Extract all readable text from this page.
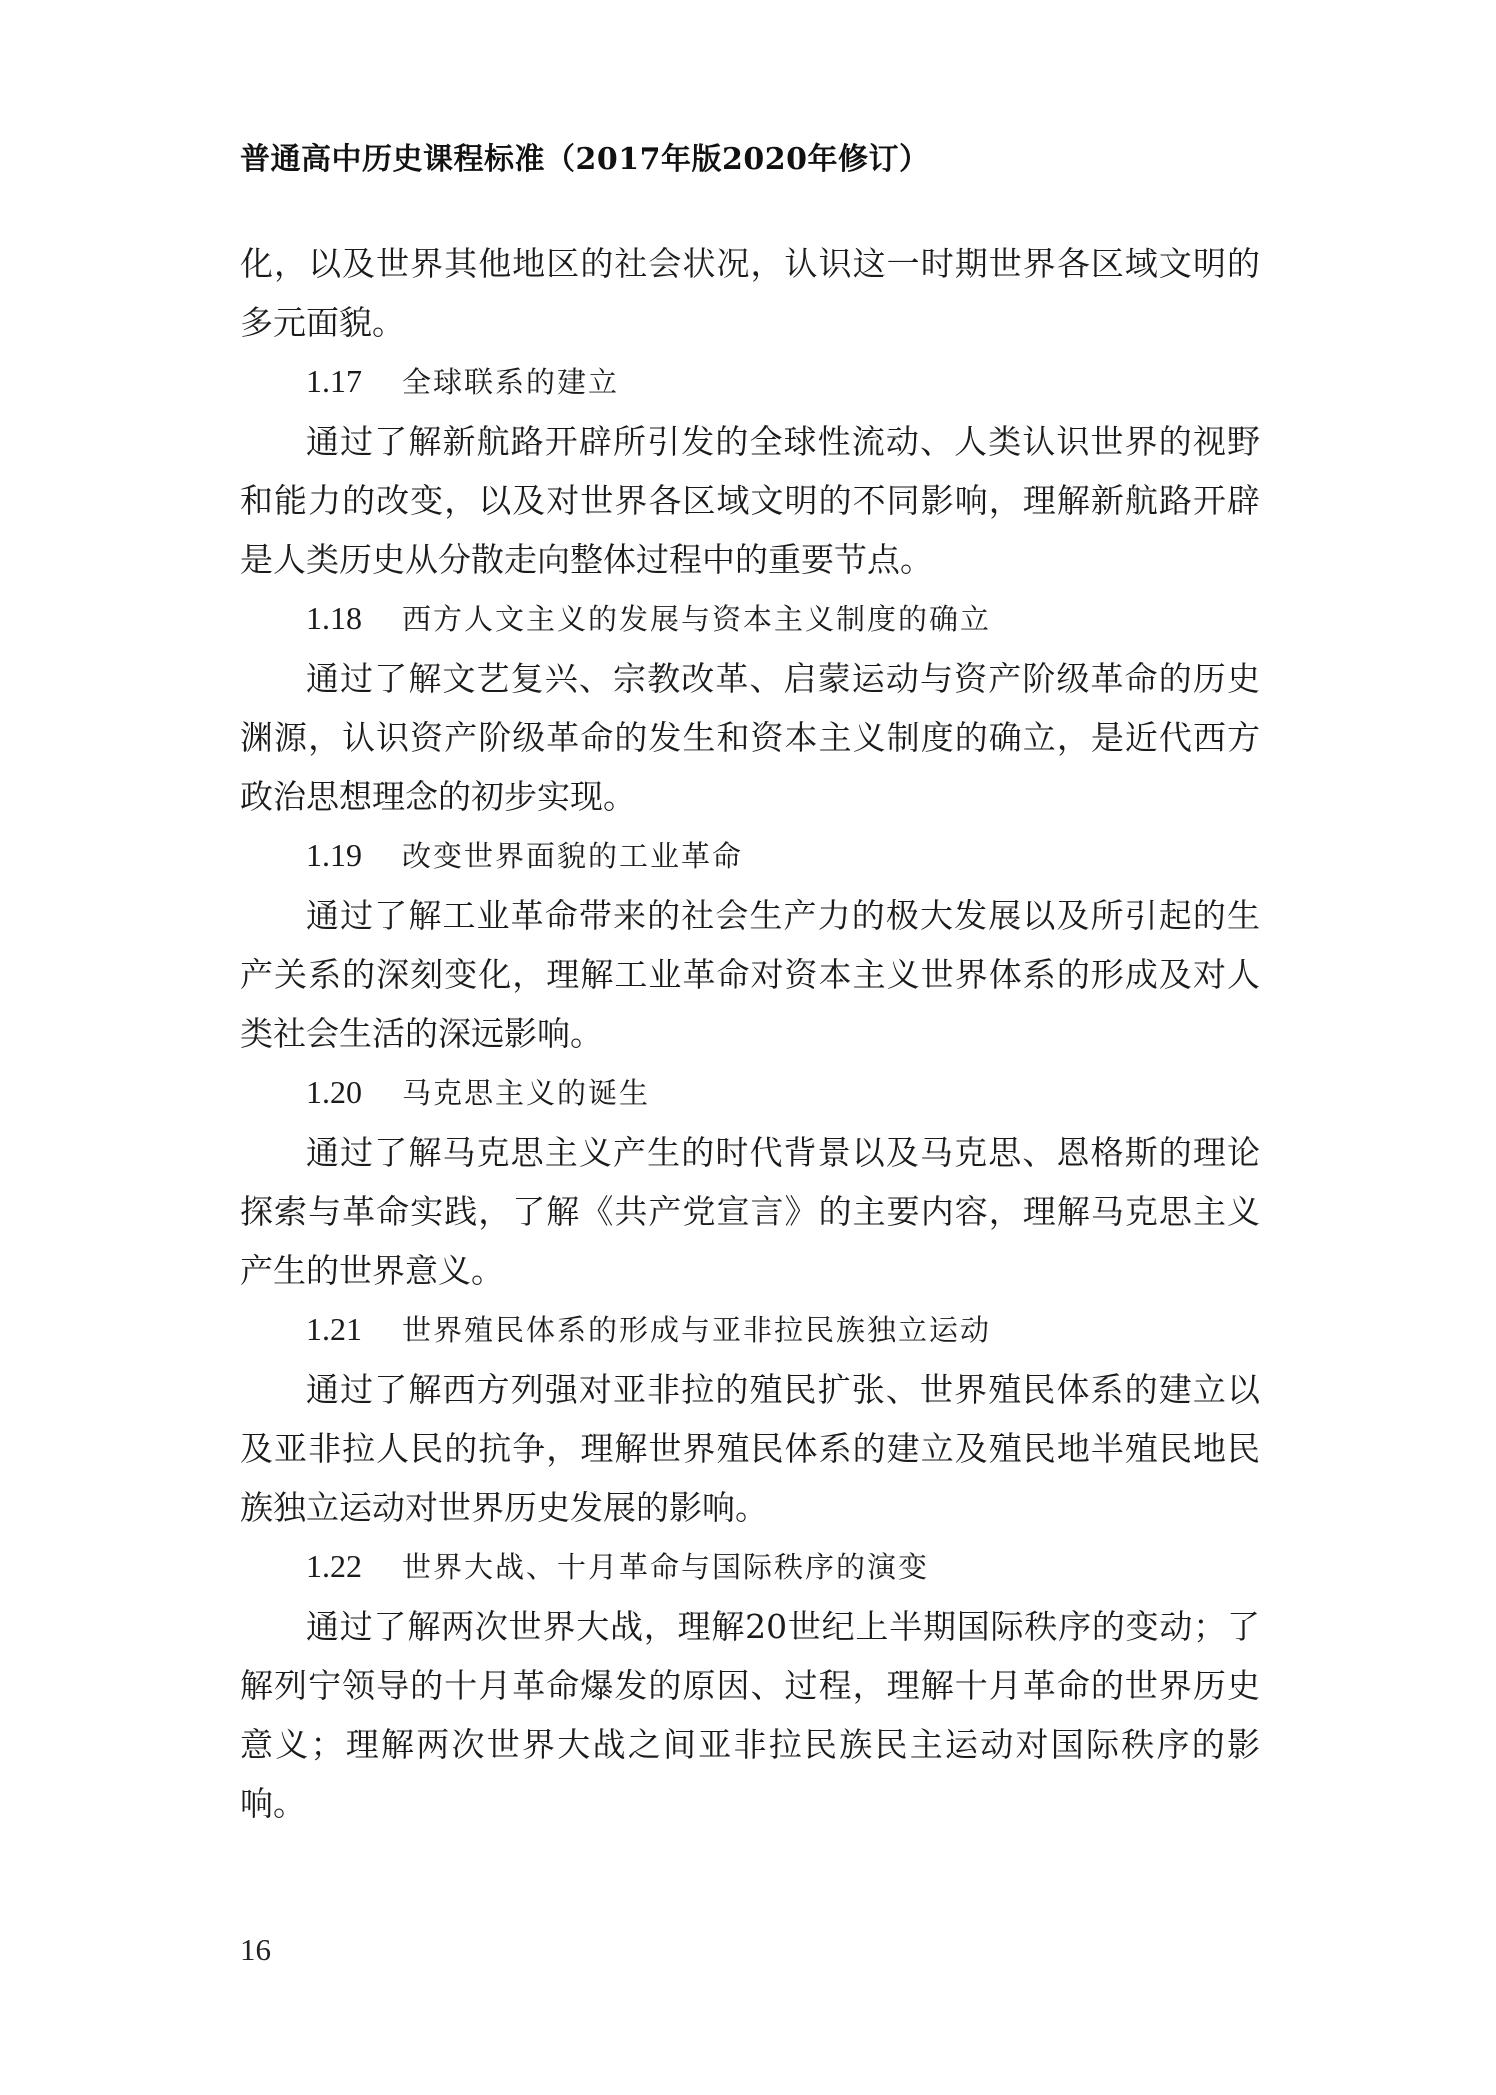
普通高中历史课程标准（2017年版2020年修订）

化，以及世界其他地区的社会状况，认识这一时期世界各区域文明的多元面貌。

1.17 全球联系的建立

通过了解新航路开辟所引发的全球性流动、人类认识世界的视野和能力的改变，以及对世界各区域文明的不同影响，理解新航路开辟是人类历史从分散走向整体过程中的重要节点。

1.18 西方人文主义的发展与资本主义制度的确立

通过了解文艺复兴、宗教改革、启蒙运动与资产阶级革命的历史渊源，认识资产阶级革命的发生和资本主义制度的确立，是近代西方政治思想理念的初步实现。

1.19 改变世界面貌的工业革命

通过了解工业革命带来的社会生产力的极大发展以及所引起的生产关系的深刻变化，理解工业革命对资本主义世界体系的形成及对人类社会生活的深远影响。

1.20 马克思主义的诞生

通过了解马克思主义产生的时代背景以及马克思、恩格斯的理论探索与革命实践，了解《共产党宣言》的主要内容，理解马克思主义产生的世界意义。

1.21 世界殖民体系的形成与亚非拉民族独立运动

通过了解西方列强对亚非拉的殖民扩张、世界殖民体系的建立以及亚非拉人民的抗争，理解世界殖民体系的建立及殖民地半殖民地民族独立运动对世界历史发展的影响。

1.22 世界大战、十月革命与国际秩序的演变

通过了解两次世界大战，理解20世纪上半期国际秩序的变动；了解列宁领导的十月革命爆发的原因、过程，理解十月革命的世界历史意义；理解两次世界大战之间亚非拉民族民主运动对国际秩序的影响。

16
